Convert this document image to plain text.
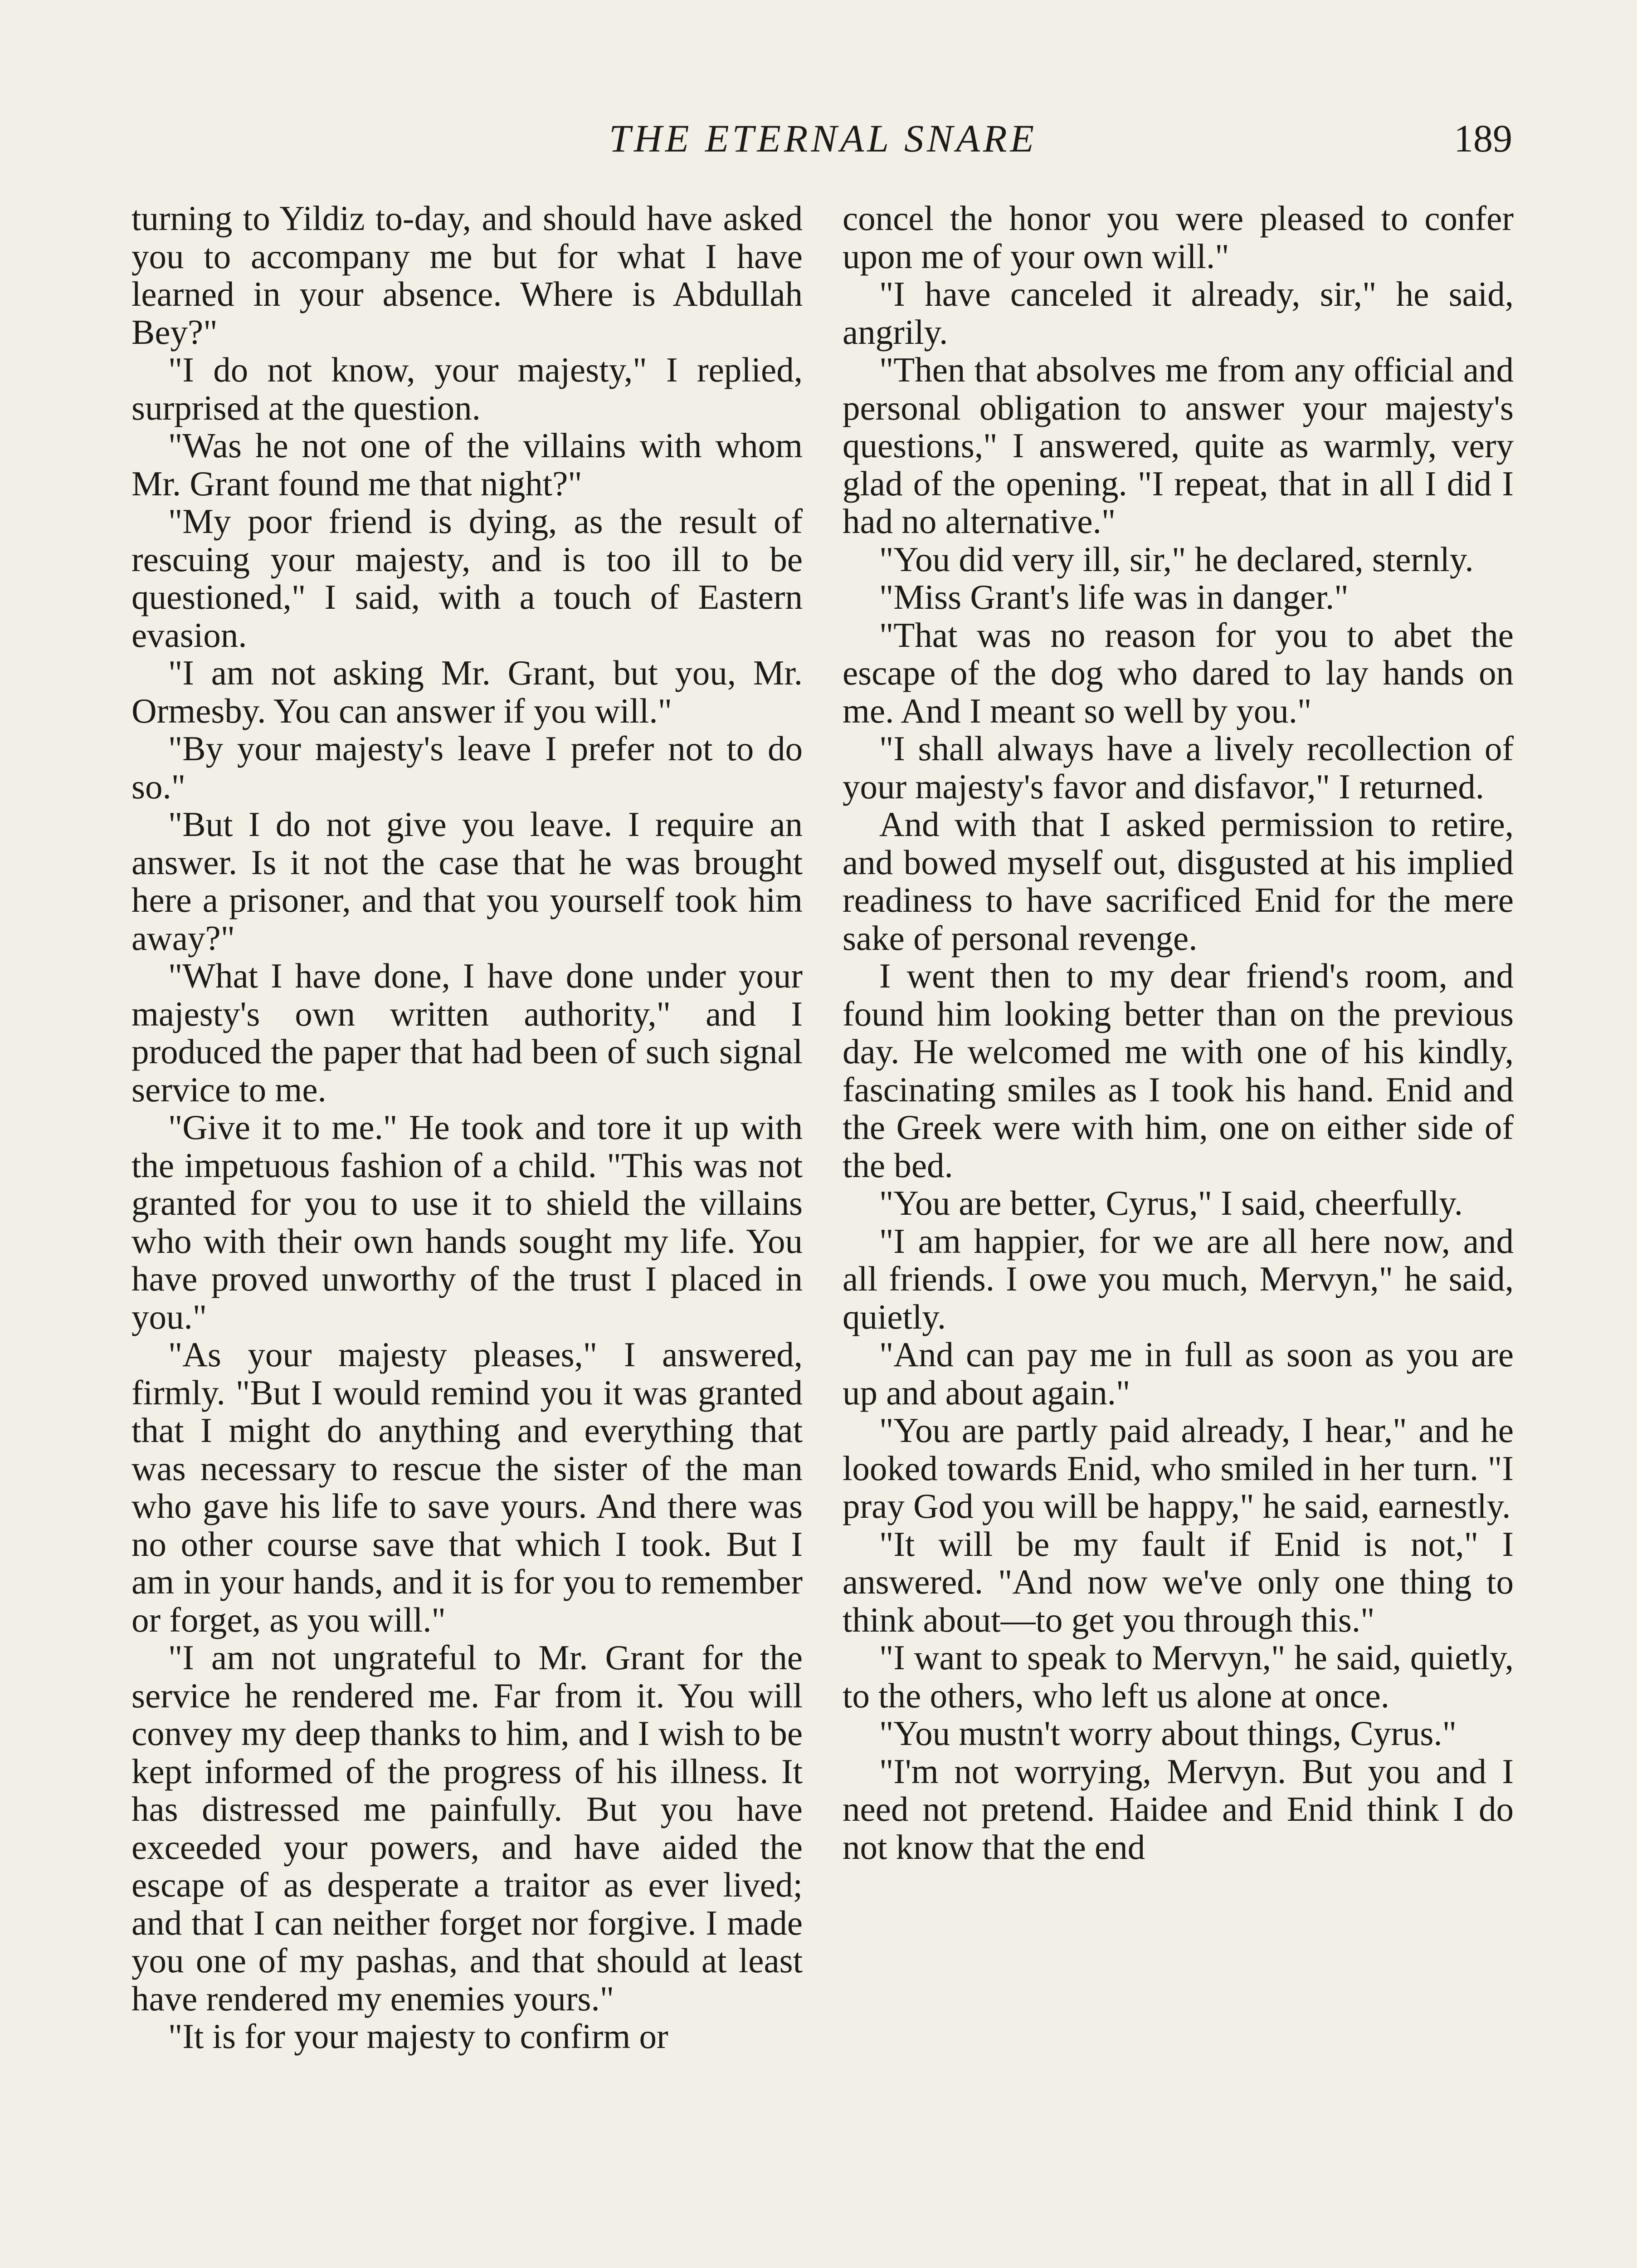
THE ETERNAL SNARE	189

turning to Yildiz to-day, and should have asked you to accompany me but for what I have learned in your absence. Where is Abdullah Bey?"

"I do not know, your majesty," I replied, surprised at the question.

"Was he not one of the villains with whom Mr. Grant found me that night?"

"My poor friend is dying, as the result of rescuing your majesty, and is too ill to be questioned," I said, with a touch of Eastern evasion.

"I am not asking Mr. Grant, but you, Mr. Ormesby. You can answer if you will."

"By your majesty's leave I prefer not to do so."

"But I do not give you leave. I require an answer. Is it not the case that he was brought here a prisoner, and that you yourself took him away?"

"What I have done, I have done under your majesty's own written authority," and I produced the paper that had been of such signal service to me.

"Give it to me." He took and tore it up with the impetuous fashion of a child. "This was not granted for you to use it to shield the villains who with their own hands sought my life. You have proved unworthy of the trust I placed in you."

"As your majesty pleases," I answered, firmly. "But I would remind you it was granted that I might do anything and everything that was necessary to rescue the sister of the man who gave his life to save yours. And there was no other course save that which I took. But I am in your hands, and it is for you to remember or forget, as you will."

"I am not ungrateful to Mr. Grant for the service he rendered me. Far from it. You will convey my deep thanks to him, and I wish to be kept informed of the progress of his illness. It has distressed me painfully. But you have exceeded your powers, and have aided the escape of as desperate a traitor as ever lived; and that I can neither forget nor forgive. I made you one of my pashas, and that should at least have rendered my enemies yours."

"It is for your majesty to confirm or

concel the honor you were pleased to confer upon me of your own will."

"I have canceled it already, sir," he said, angrily.

"Then that absolves me from any official and personal obligation to answer your majesty's questions," I answered, quite as warmly, very glad of the opening. "I repeat, that in all I did I had no alternative."

"You did very ill, sir," he declared, sternly.

"Miss Grant's life was in danger."

"That was no reason for you to abet the escape of the dog who dared to lay hands on me. And I meant so well by you."

"I shall always have a lively recollection of your majesty's favor and disfavor," I returned.

And with that I asked permission to retire, and bowed myself out, disgusted at his implied readiness to have sacrificed Enid for the mere sake of personal revenge.

I went then to my dear friend's room, and found him looking better than on the previous day. He welcomed me with one of his kindly, fascinating smiles as I took his hand. Enid and the Greek were with him, one on either side of the bed.

"You are better, Cyrus," I said, cheerfully.

"I am happier, for we are all here now, and all friends. I owe you much, Mervyn," he said, quietly.

"And can pay me in full as soon as you are up and about again."

"You are partly paid already, I hear," and he looked towards Enid, who smiled in her turn. "I pray God you will be happy," he said, earnestly.

"It will be my fault if Enid is not," I answered. "And now we've only one thing to think about—to get you through this."

"I want to speak to Mervyn," he said, quietly, to the others, who left us alone at once.

"You mustn't worry about things, Cyrus."

"I'm not worrying, Mervyn. But you and I need not pretend. Haidee and Enid think I do not know that the end
